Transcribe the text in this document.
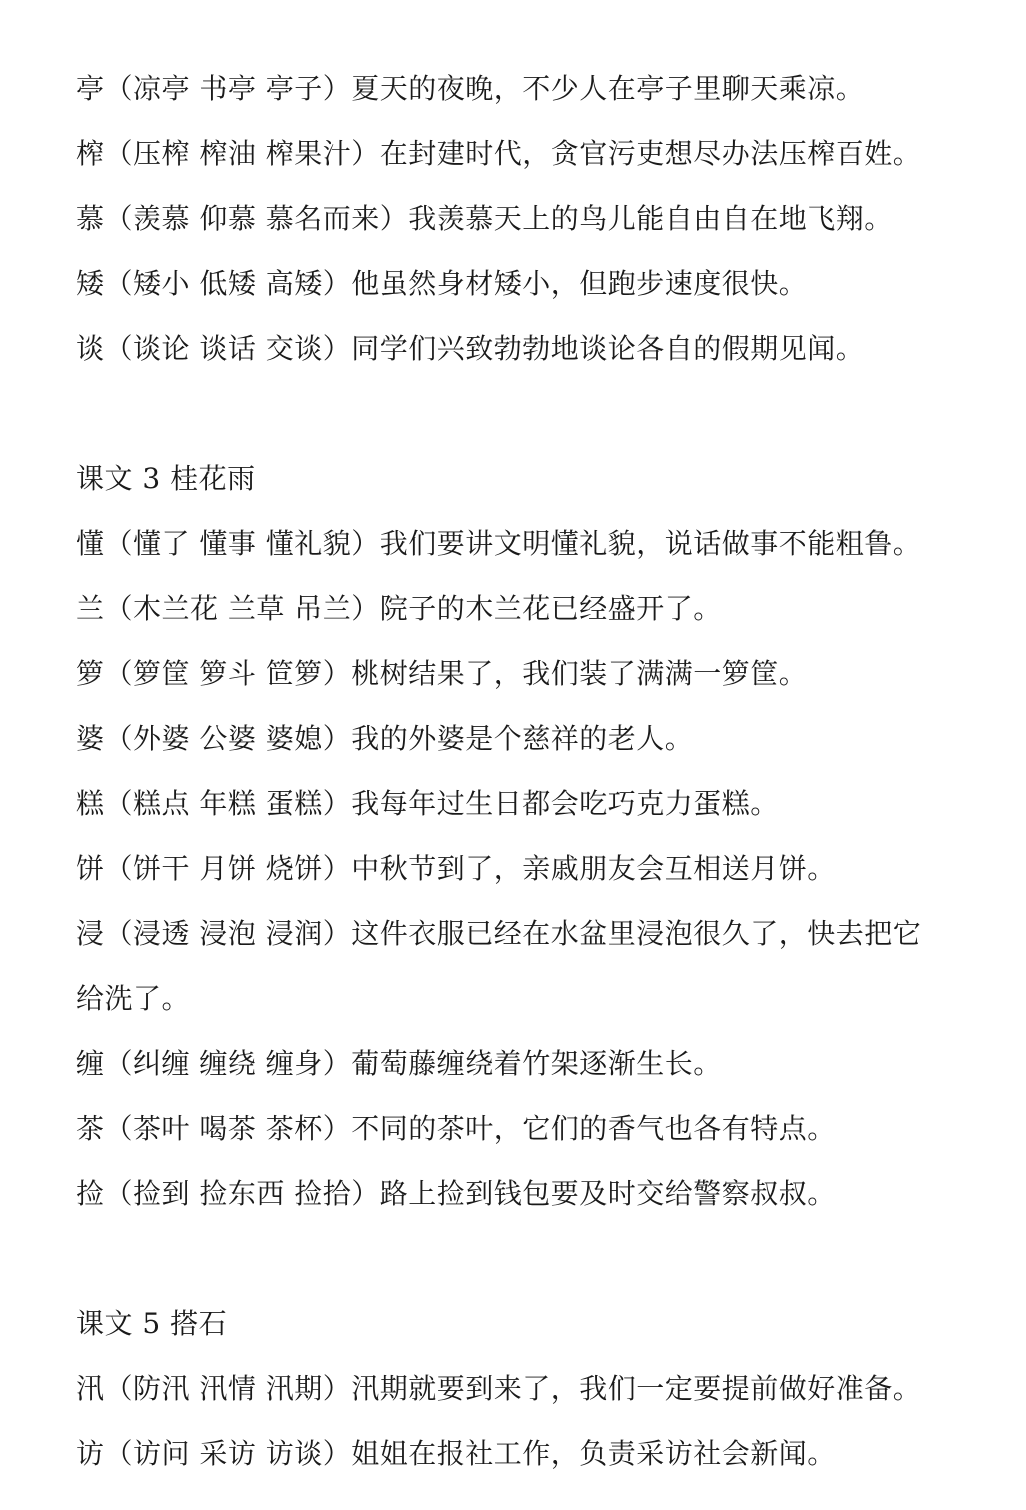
亭（凉亭 书亭 亭子）夏天的夜晚，不少人在亭子里聊天乘凉。
榨（压榨 榨油 榨果汁）在封建时代，贪官污吏想尽办法压榨百姓。
慕（羡慕 仰慕 慕名而来）我羡慕天上的鸟儿能自由自在地飞翔。
矮（矮小 低矮 高矮）他虽然身材矮小，但跑步速度很快。
谈（谈论 谈话 交谈）同学们兴致勃勃地谈论各自的假期见闻。
课文 3 桂花雨
懂（懂了 懂事 懂礼貌）我们要讲文明懂礼貌，说话做事不能粗鲁。
兰（木兰花 兰草 吊兰）院子的木兰花已经盛开了。
箩（箩筐 箩斗 笸箩）桃树结果了，我们装了满满一箩筐。
婆（外婆 公婆 婆媳）我的外婆是个慈祥的老人。
糕（糕点 年糕 蛋糕）我每年过生日都会吃巧克力蛋糕。
饼（饼干 月饼 烧饼）中秋节到了，亲戚朋友会互相送月饼。
浸（浸透 浸泡 浸润）这件衣服已经在水盆里浸泡很久了，快去把它
给洗了。
缠（纠缠 缠绕 缠身）葡萄藤缠绕着竹架逐渐生长。
茶（茶叶 喝茶 茶杯）不同的茶叶，它们的香气也各有特点。
捡（捡到 捡东西 捡拾）路上捡到钱包要及时交给警察叔叔。
课文 5 搭石
汛（防汛 汛情 汛期）汛期就要到来了，我们一定要提前做好准备。
访（访问 采访 访谈）姐姐在报社工作，负责采访社会新闻。
